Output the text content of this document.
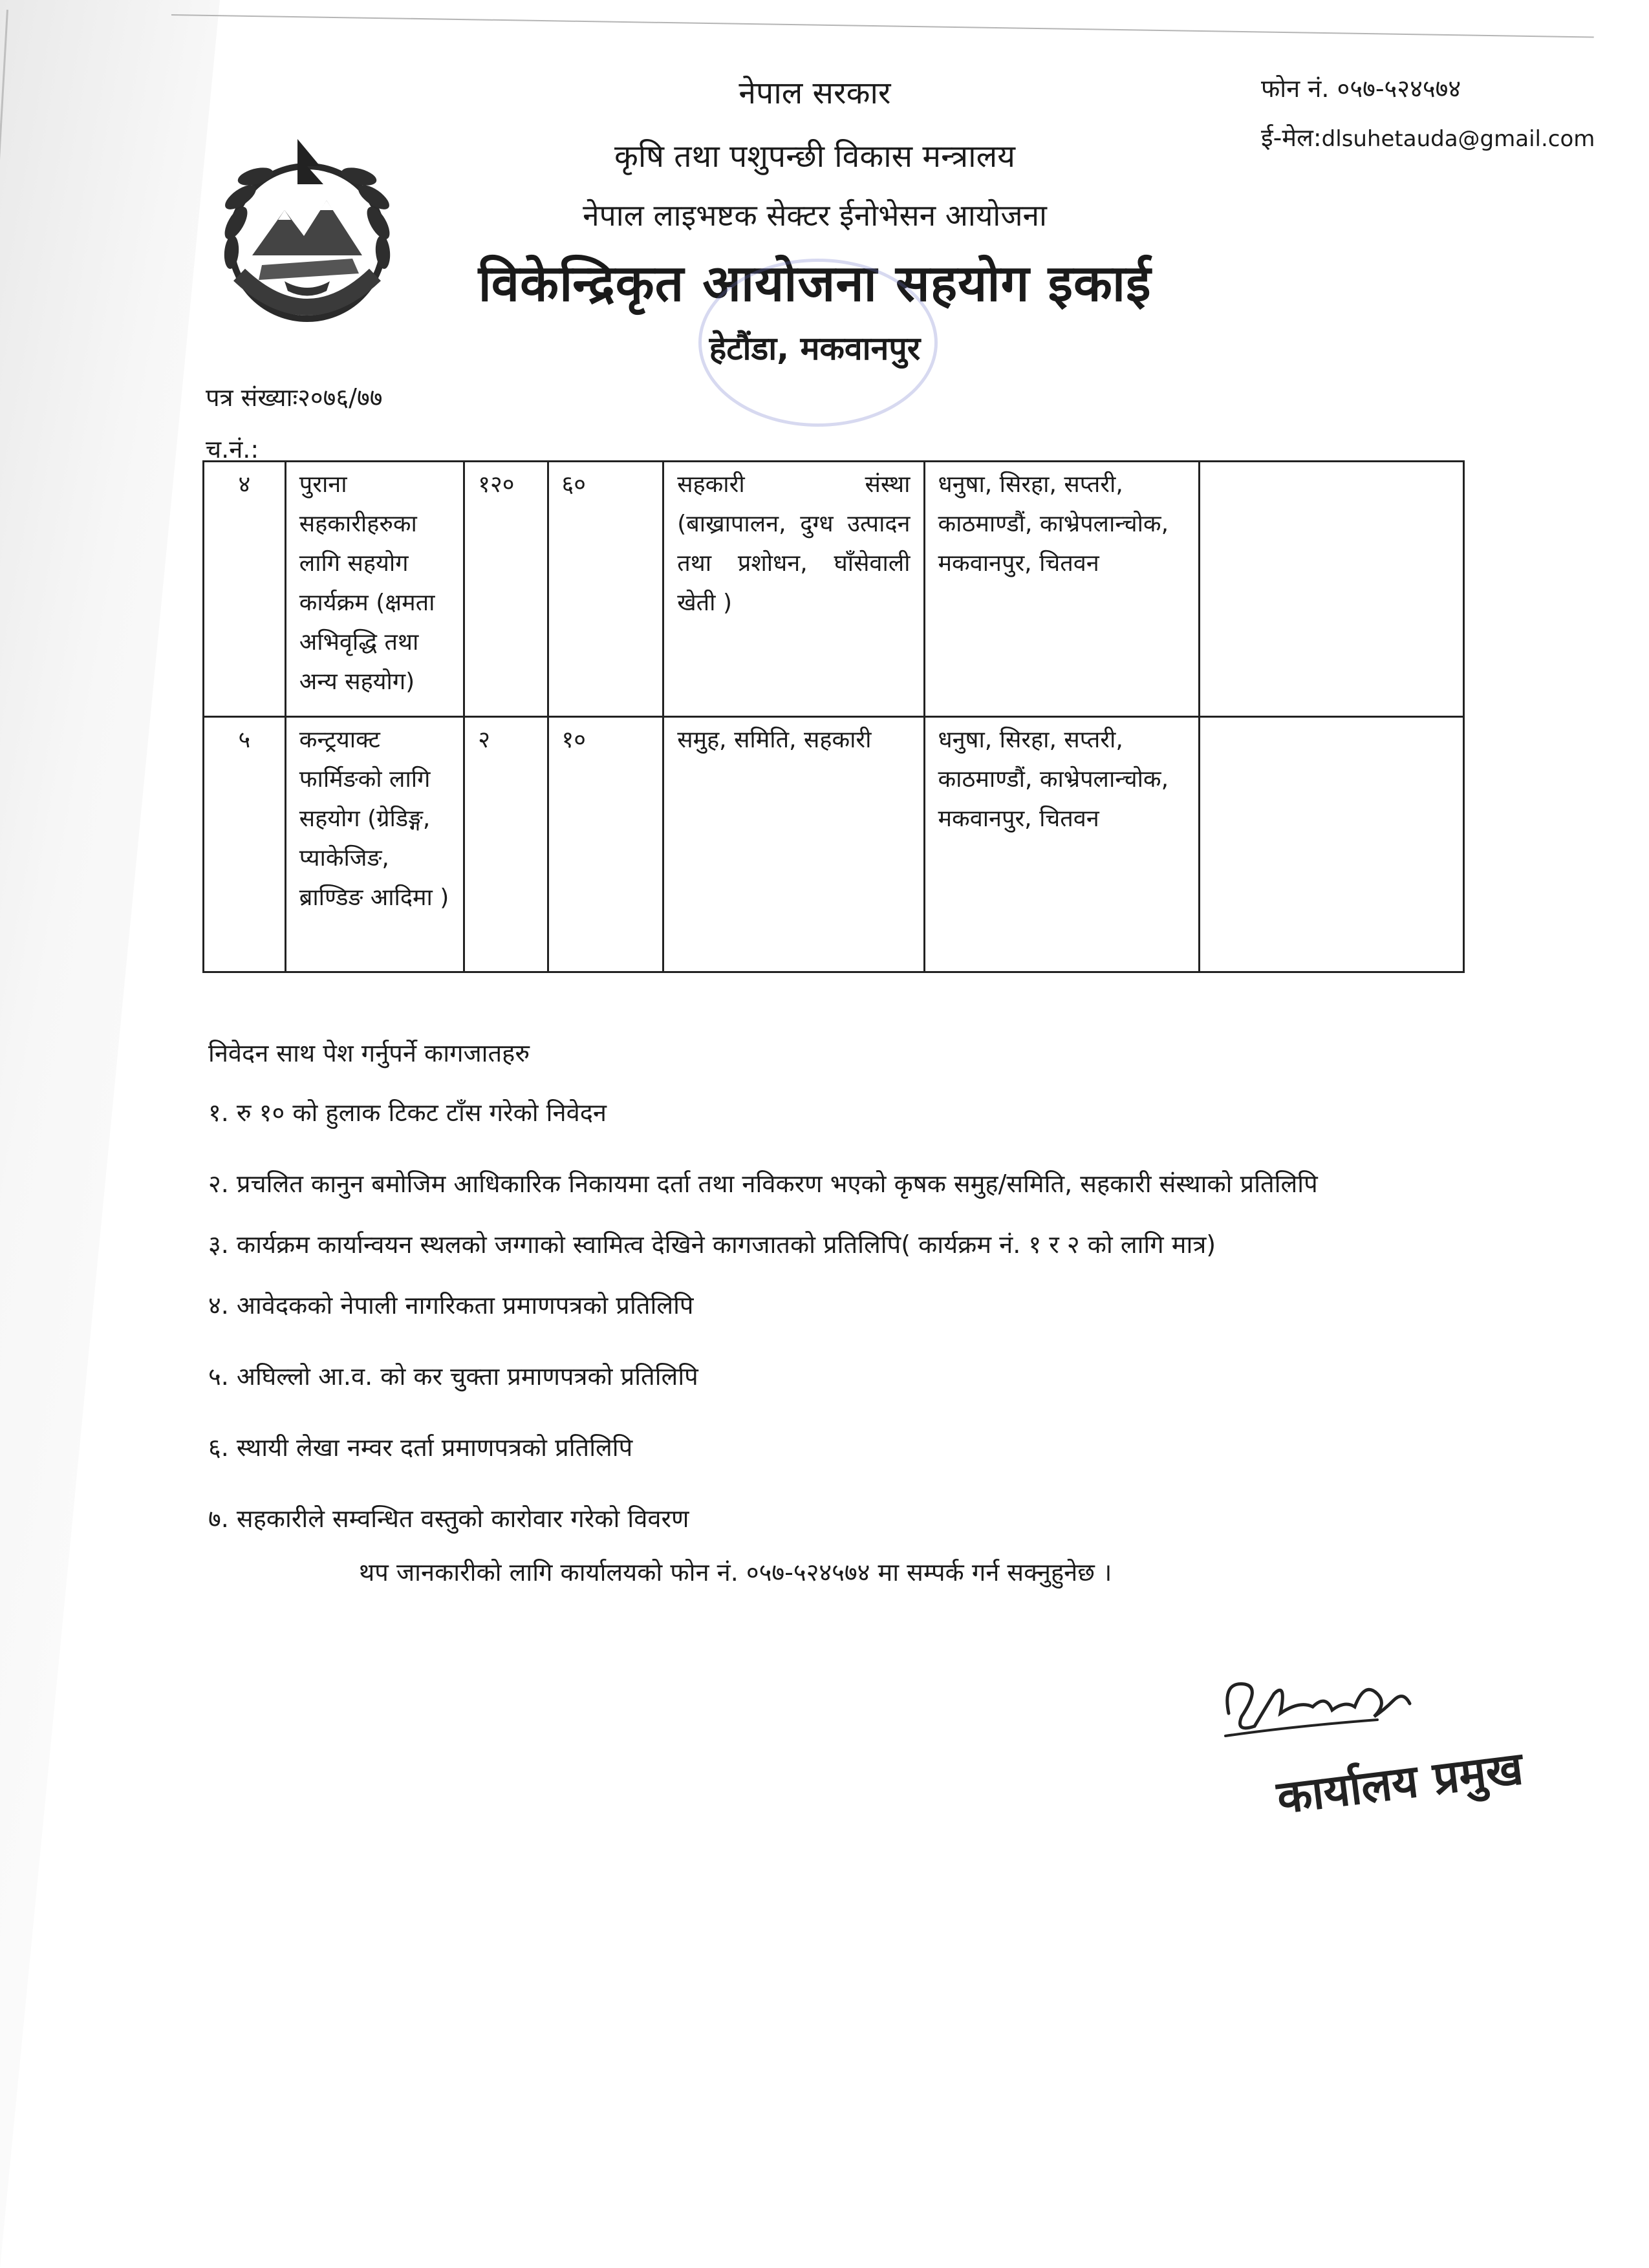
नेपाल सरकार
कृषि तथा पशुपन्छी विकास मन्त्रालय
नेपाल लाइभष्टक सेक्टर ईनोभेसन आयोजना
विकेन्द्रिकृत आयोजना सहयोग इकाई
हेटौंडा, मकवानपुर
फोन नं. ०५७-५२४५७४
ई-मेल:dlsuhetauda@gmail.com
पत्र संख्याः२०७६/७७
च.नं.:
४	पुराना सहकारीहरुका लागि सहयोग कार्यक्रम (क्षमता अभिवृद्धि तथा अन्य सहयोग)	१२०	६०	सहकारी संस्था (बाख्रापालन, दुग्ध उत्पादन तथा प्रशोधन, घाँसेवाली खेती )	धनुषा, सिरहा, सप्तरी, काठमाण्डौं, काभ्रेपलान्चोक, मकवानपुर, चितवन	
५	कन्ट्रयाक्ट फार्मिङको लागि सहयोग (ग्रेडिङ्ग, प्याकेजिङ, ब्राण्डिङ आदिमा )	२	१०	समुह, समिति, सहकारी	धनुषा, सिरहा, सप्तरी, काठमाण्डौं, काभ्रेपलान्चोक, मकवानपुर, चितवन	
निवेदन साथ पेश गर्नुपर्ने कागजातहरु
१. रु १० को हुलाक टिकट टाँस गरेको निवेदन
२. प्रचलित कानुन बमोजिम आधिकारिक निकायमा दर्ता तथा नविकरण भएको कृषक समुह/समिति, सहकारी संस्थाको प्रतिलिपि
३. कार्यक्रम कार्यान्वयन स्थलको जग्गाको स्वामित्व देखिने कागजातको प्रतिलिपि( कार्यक्रम नं. १ र २ को लागि मात्र)
४. आवेदकको नेपाली नागरिकता प्रमाणपत्रको प्रतिलिपि
५. अघिल्लो आ.व. को कर चुक्ता प्रमाणपत्रको प्रतिलिपि
६. स्थायी लेखा नम्वर दर्ता प्रमाणपत्रको प्रतिलिपि
७. सहकारीले सम्वन्धित वस्तुको कारोवार गरेको विवरण
थप जानकारीको लागि कार्यालयको फोन नं. ०५७-५२४५७४ मा सम्पर्क गर्न सक्नुहुनेछ ।
कार्यालय प्रमुख
